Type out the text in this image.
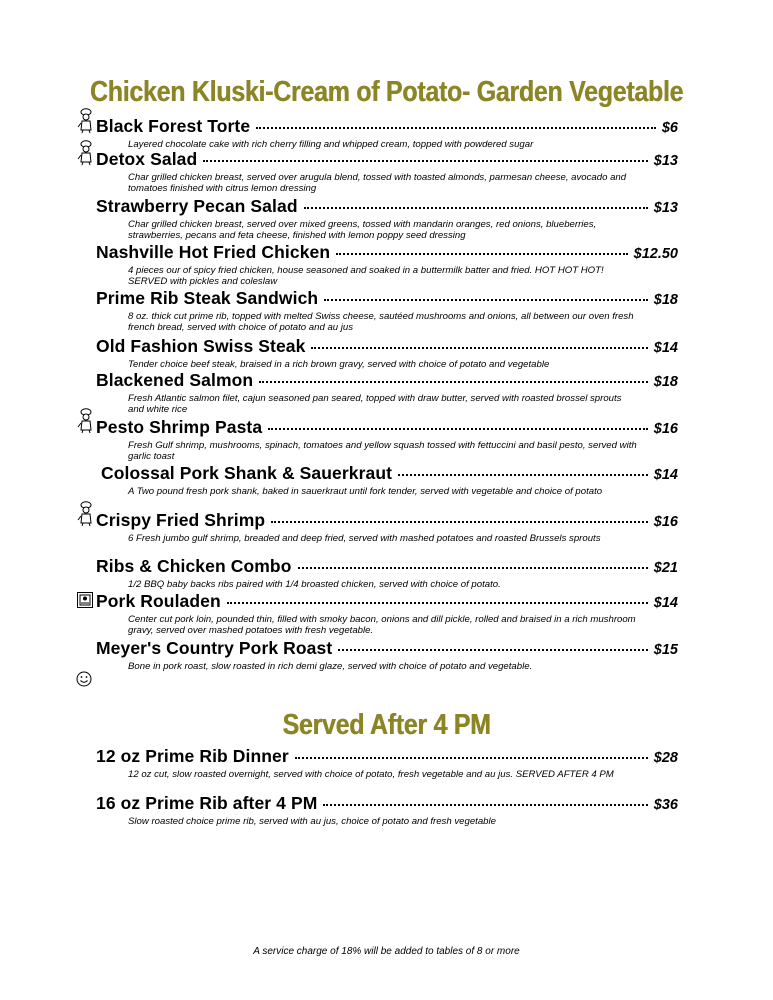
Chicken Kluski-Cream of Potato- Garden Vegetable
Black Forest Torte	$6
Layered chocolate cake with rich cherry filling and whipped cream, topped with powdered sugar
Detox Salad	$13
Char grilled chicken breast, served over arugula blend, tossed with toasted almonds, parmesan cheese, avocado and tomatoes finished with citrus lemon dressing
Strawberry Pecan Salad	$13
Char grilled chicken breast, served over mixed greens, tossed with mandarin oranges, red onions, blueberries, strawberries, pecans and feta cheese, finished with lemon poppy seed dressing
Nashville Hot Fried Chicken	$12.50
4 pieces our of spicy fried chicken, house seasoned and soaked in a buttermilk batter and fried. HOT HOT HOT! SERVED with pickles and coleslaw
Prime Rib Steak Sandwich	$18
8 oz. thick cut prime rib, topped with melted Swiss cheese, sautéed mushrooms and onions, all between our oven fresh french bread, served with choice of potato and au jus
Old Fashion Swiss Steak	$14
Tender choice beef steak, braised in a rich brown gravy, served with choice of potato and vegetable
Blackened Salmon	$18
Fresh Atlantic salmon filet, cajun seasoned pan seared, topped with draw butter, served with roasted brossel sprouts and white rice
Pesto Shrimp Pasta	$16
Fresh Gulf shrimp, mushrooms, spinach, tomatoes and yellow squash tossed with fettuccini and basil pesto, served with garlic toast
Colossal Pork Shank & Sauerkraut	$14
A Two pound fresh pork shank, baked in sauerkraut until fork tender, served with vegetable and choice of potato
Crispy Fried Shrimp	$16
6 Fresh jumbo gulf shrimp, breaded and deep fried, served with mashed potatoes and roasted Brussels sprouts
Ribs & Chicken Combo	$21
1/2 BBQ baby backs ribs paired with 1/4 broasted chicken, served with choice of potato.
Pork Rouladen	$14
Center cut pork loin, pounded thin, filled with smoky bacon, onions and dill pickle, rolled and braised in a rich mushroom gravy, served over mashed potatoes with fresh vegetable.
Meyer's Country Pork Roast	$15
Bone in pork roast, slow roasted in rich demi glaze, served with choice of potato and vegetable.
Served After 4 PM
12 oz Prime Rib Dinner	$28
12 oz cut, slow roasted overnight, served with choice of potato, fresh vegetable and au jus. SERVED AFTER 4 PM
16 oz Prime Rib after 4 PM	$36
Slow roasted choice prime rib, served with au jus, choice of potato and fresh vegetable
A service charge of 18% will be added to tables of 8 or more
